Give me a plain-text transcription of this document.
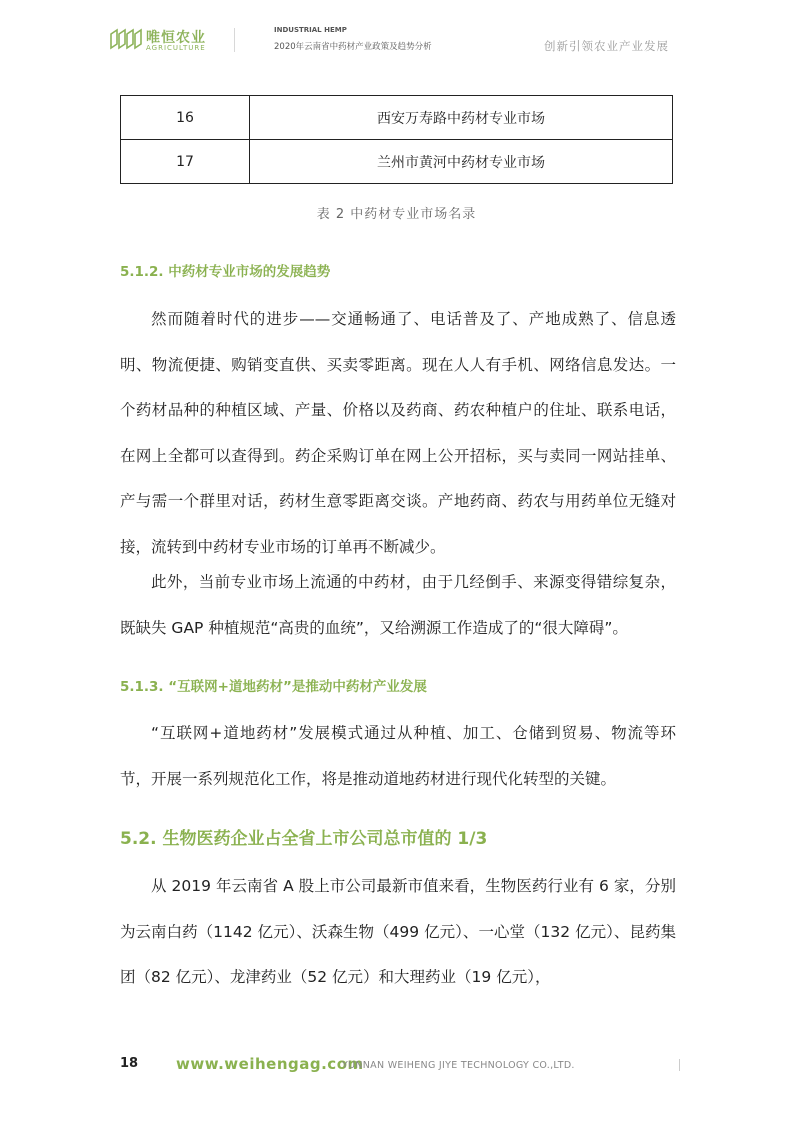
唯恒农业
AGRICULTURE
INDUSTRIAL HEMP
2020年云南省中药材产业政策及趋势分析	创新引领农业产业发展
16	西安万寿路中药材专业市场
17	兰州市黄河中药材专业市场
表 2 中药材专业市场名录
5.1.2. 中药材专业市场的发展趋势

然而随着时代的进步——交通畅通了、电话普及了、产地成熟了、信息透明、物流便捷、购销变直供、买卖零距离。现在人人有手机、网络信息发达。一个药材品种的种植区域、产量、价格以及药商、药农种植户的住址、联系电话，在网上全都可以查得到。药企采购订单在网上公开招标，买与卖同一网站挂单、产与需一个群里对话，药材生意零距离交谈。产地药商、药农与用药单位无缝对接，流转到中药材专业市场的订单再不断减少。

此外，当前专业市场上流通的中药材，由于几经倒手、来源变得错综复杂，既缺失 GAP 种植规范“高贵的血统”，又给溯源工作造成了的“很大障碍”。

5.1.3. “互联网+道地药材”是推动中药材产业发展

“互联网+道地药材”发展模式通过从种植、加工、仓储到贸易、物流等环节，开展一系列规范化工作，将是推动道地药材进行现代化转型的关键。

5.2. 生物医药企业占全省上市公司总市值的 1/3

从 2019 年云南省 A 股上市公司最新市值来看，生物医药行业有 6 家，分别为云南白药（1142 亿元）、沃森生物（499 亿元）、一心堂（132 亿元）、昆药集团（82 亿元）、龙津药业（52 亿元）和大理药业（19 亿元），

18	www.weihengag.com
YUNNAN WEIHENG JIYE TECHNOLOGY CO.,LTD.
